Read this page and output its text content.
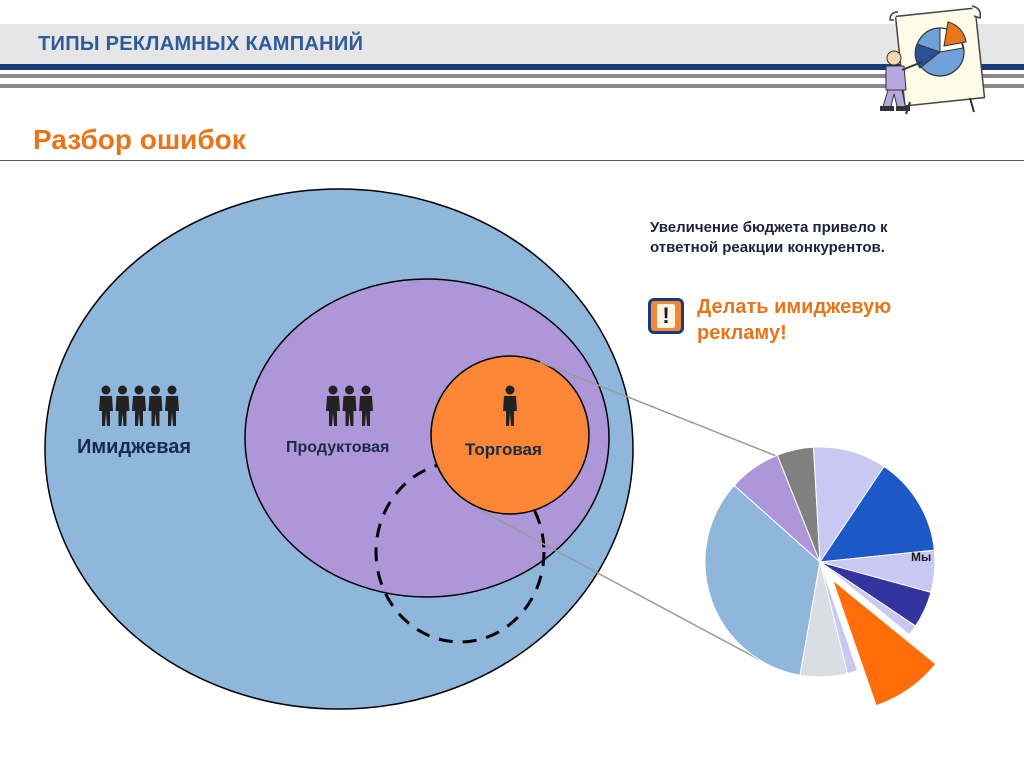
ТИПЫ РЕКЛАМНЫХ КАМПАНИЙ
Разбор ошибок
Имиджевая	Продуктовая	Торговая
Мы
Увеличение бюджета привело к ответной реакции конкурентов.
! Делать имиджевую рекламу!
